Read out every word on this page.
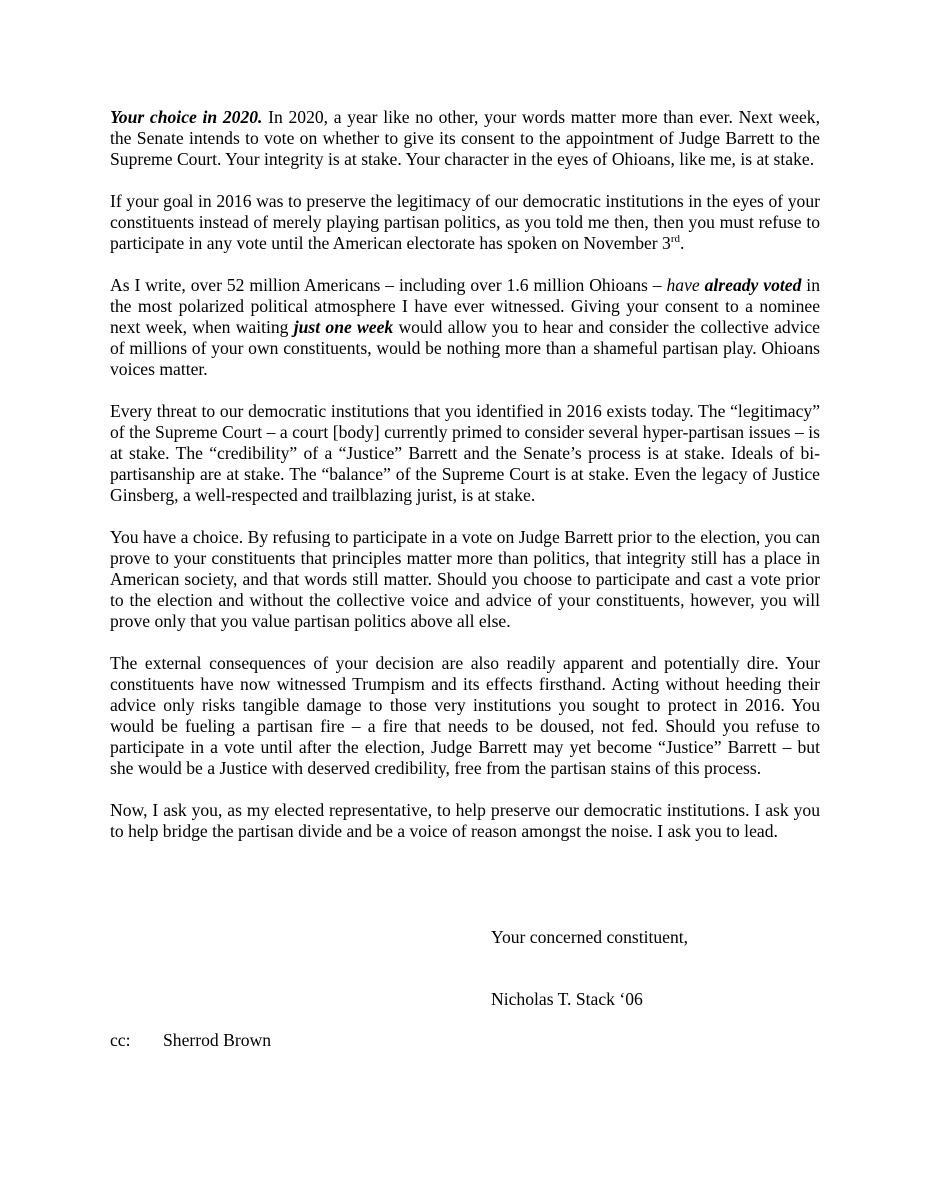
Your choice in 2020. In 2020, a year like no other, your words matter more than ever. Next week, the Senate intends to vote on whether to give its consent to the appointment of Judge Barrett to the Supreme Court. Your integrity is at stake. Your character in the eyes of Ohioans, like me, is at stake.

If your goal in 2016 was to preserve the legitimacy of our democratic institutions in the eyes of your constituents instead of merely playing partisan politics, as you told me then, then you must refuse to participate in any vote until the American electorate has spoken on November 3rd.

As I write, over 52 million Americans – including over 1.6 million Ohioans – have already voted in the most polarized political atmosphere I have ever witnessed. Giving your consent to a nominee next week, when waiting just one week would allow you to hear and consider the collective advice of millions of your own constituents, would be nothing more than a shameful partisan play. Ohioans voices matter.

Every threat to our democratic institutions that you identified in 2016 exists today. The “legitimacy” of the Supreme Court – a court [body] currently primed to consider several hyper-partisan issues – is at stake. The “credibility” of a “Justice” Barrett and the Senate’s process is at stake. Ideals of bi-partisanship are at stake. The “balance” of the Supreme Court is at stake. Even the legacy of Justice Ginsberg, a well-respected and trailblazing jurist, is at stake.

You have a choice. By refusing to participate in a vote on Judge Barrett prior to the election, you can prove to your constituents that principles matter more than politics, that integrity still has a place in American society, and that words still matter. Should you choose to participate and cast a vote prior to the election and without the collective voice and advice of your constituents, however, you will prove only that you value partisan politics above all else.

The external consequences of your decision are also readily apparent and potentially dire. Your constituents have now witnessed Trumpism and its effects firsthand. Acting without heeding their advice only risks tangible damage to those very institutions you sought to protect in 2016. You would be fueling a partisan fire – a fire that needs to be doused, not fed. Should you refuse to participate in a vote until after the election, Judge Barrett may yet become “Justice” Barrett – but she would be a Justice with deserved credibility, free from the partisan stains of this process.

Now, I ask you, as my elected representative, to help preserve our democratic institutions. I ask you to help bridge the partisan divide and be a voice of reason amongst the noise. I ask you to lead.

Your concerned constituent,
Nicholas T. Stack ‘06
cc: Sherrod Brown
